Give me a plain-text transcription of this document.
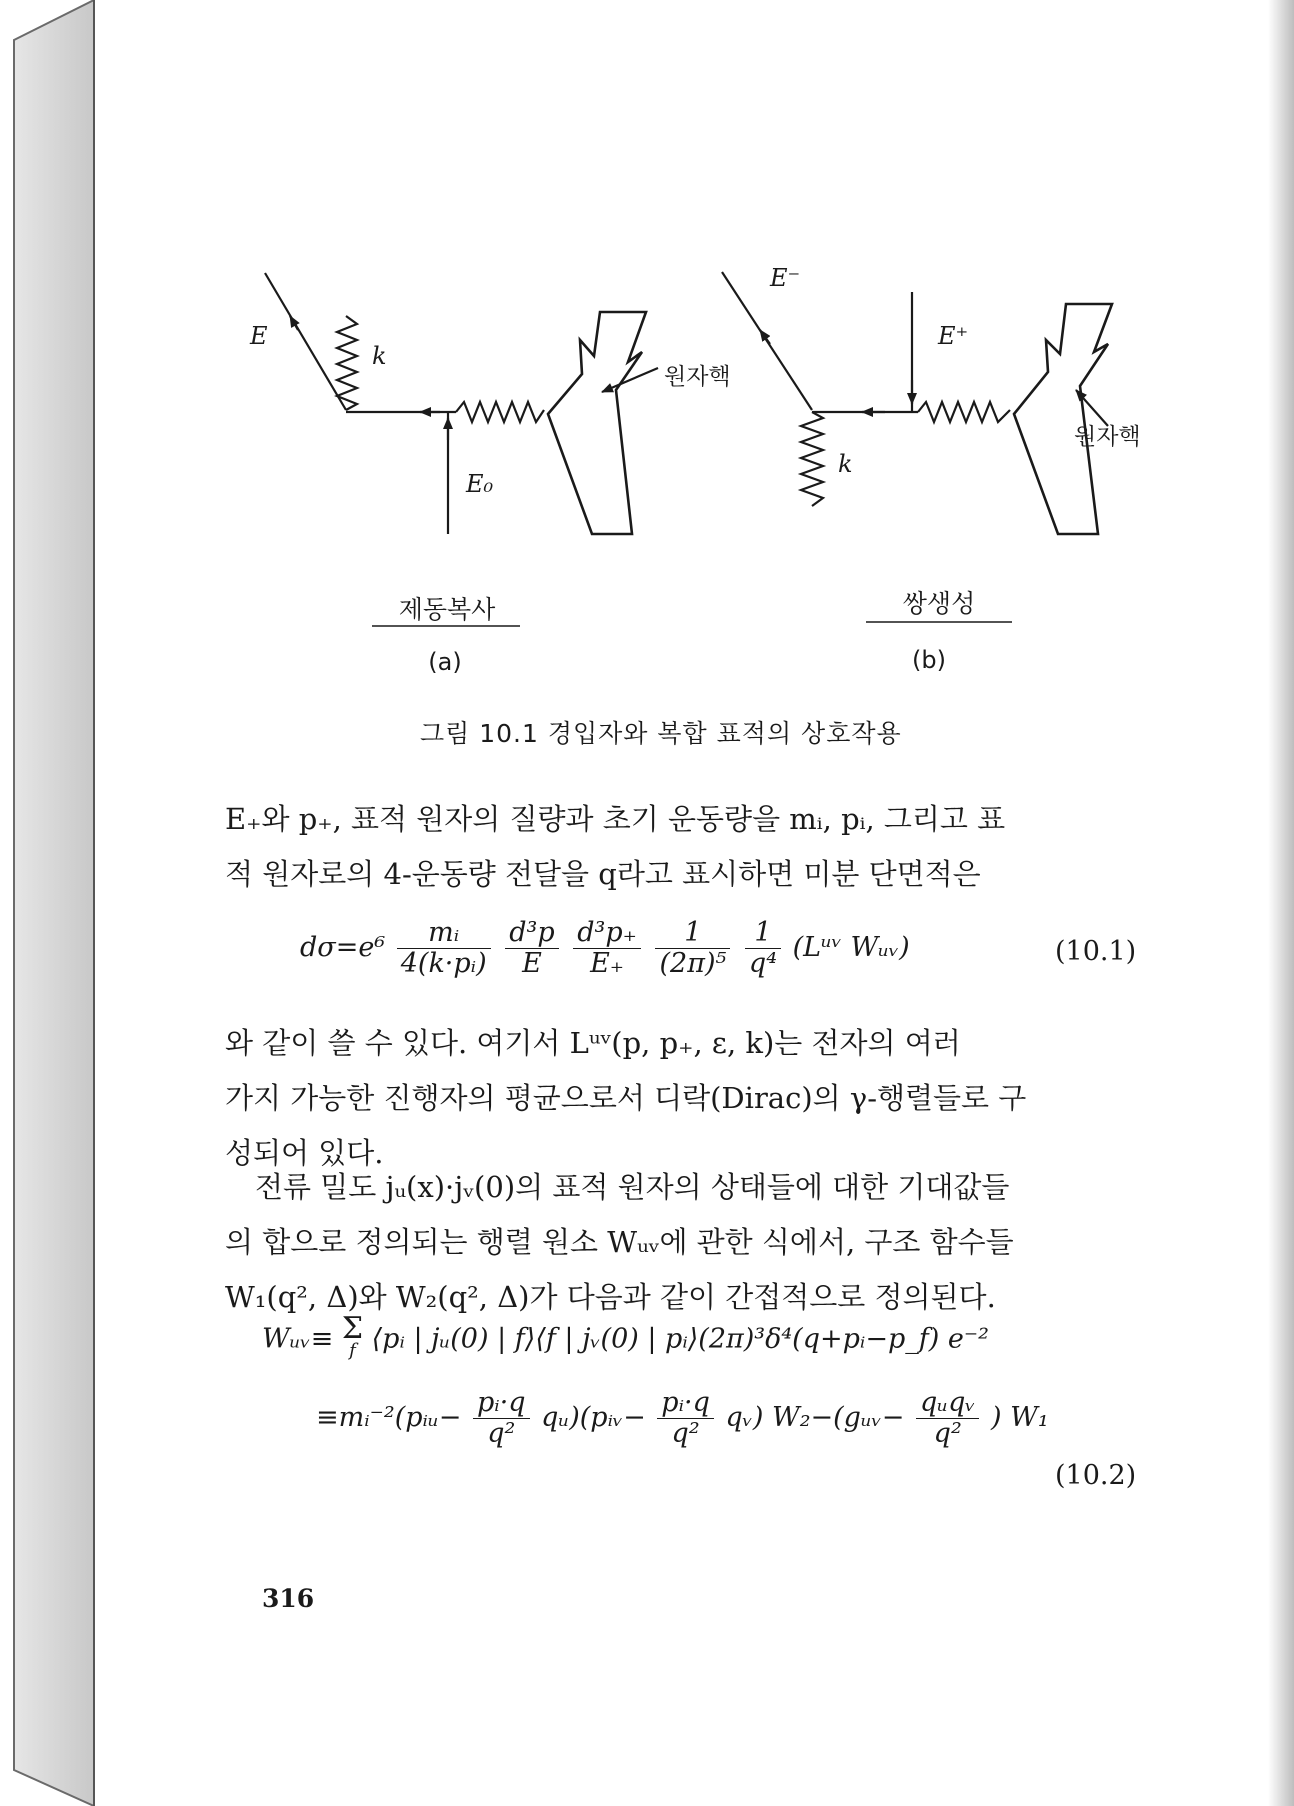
E
k
E₀
원자핵
E⁻
E⁺
k
원자핵
제동복사
(a)
쌍생성
(b)
그림 10.1 경입자와 복합 표적의 상호작용
E₊와 p₊, 표적 원자의 질량과 초기 운동량을 mᵢ, pᵢ, 그리고 표
적 원자로의 4-운동량 전달을 q라고 표시하면 미분 단면적은
$d\sigma=e^6 \frac{\text{mᵢ}}{\text{4(k·pᵢ)}}$
$\frac{\text{d³p}}{E}$
$\frac{\text{d³p₊}}{E_+}$
$\frac{1}{\text{(2π)⁵}}$
$\frac{1}{\text{q⁴}}$ (Lᵘᵛ Wᵤᵥ)	(10.1)
와 같이 쓸 수 있다. 여기서 Lᵘᵛ(p, p₊, ε, k)는 전자의 여러
가지 가능한 진행자의 평균으로서 디락(Dirac)의 γ-행렬들로 구
성되어 있다.
전류 밀도 jᵤ(x)·jᵥ(0)의 표적 원자의 상태들에 대한 기대값들
의 합으로 정의되는 행렬 원소 Wᵤᵥ에 관한 식에서, 구조 함수들
W₁(q², Δ)와 W₂(q², Δ)가 다음과 같이 간접적으로 정의된다.
Wᵤᵥ≡ Σ
f ⟨pᵢ | jᵤ(0) | f⟩⟨f | jᵥ(0) | pᵢ⟩(2π)³δ⁴(q+pᵢ−p_f) e⁻²
≡mᵢ⁻²(pᵢᵤ− $\frac{\text{pᵢ·q}}{\text{q²}}$ qᵤ)(pᵢᵥ− $\frac{\text{pᵢ·q}}{\text{q²}}$ qᵥ) W₂−(gᵤᵥ− $\frac{\text{qᵤqᵥ}}{\text{q²}}$ ) W₁
(10.2)
316
